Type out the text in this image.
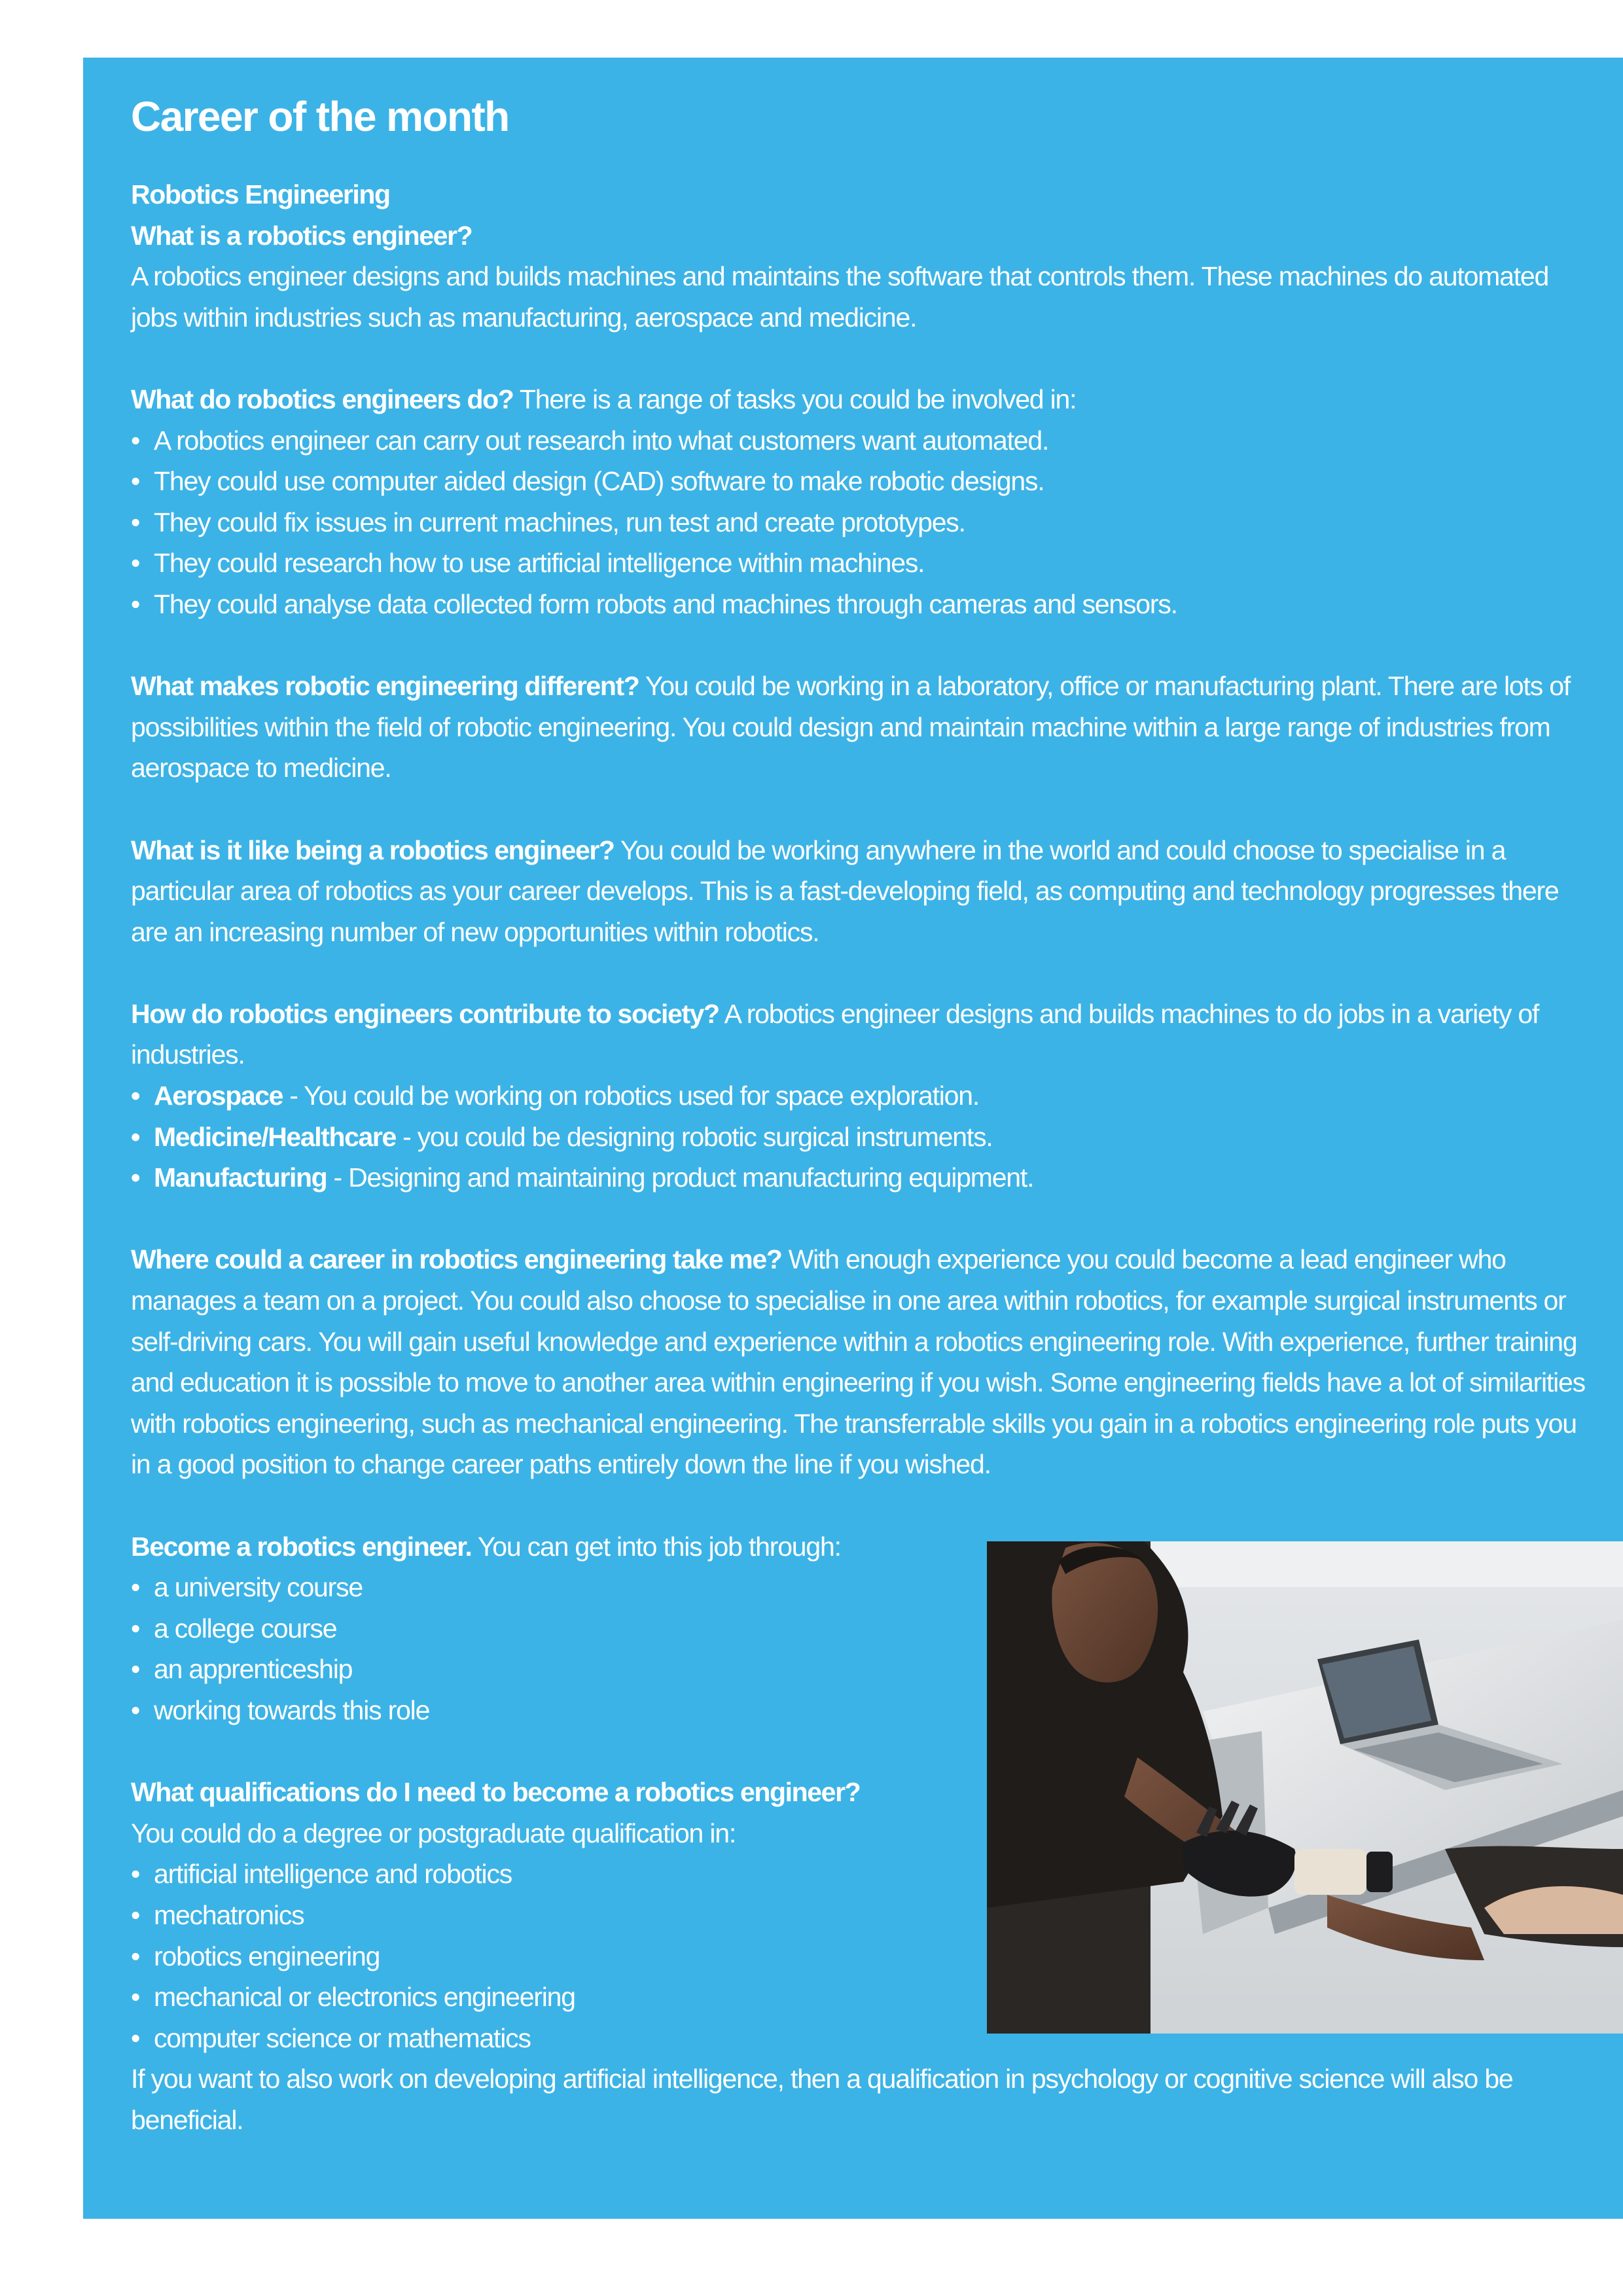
Career of the month

Robotics Engineering

What is a robotics engineer?

A robotics engineer designs and builds machines and maintains the software that controls them. These machines do automated jobs within industries such as manufacturing, aerospace and medicine.

What do robotics engineers do? There is a range of tasks you could be involved in:

• A robotics engineer can carry out research into what customers want automated.
• They could use computer aided design (CAD) software to make robotic designs.
• They could fix issues in current machines, run test and create prototypes.
• They could research how to use artificial intelligence within machines.
• They could analyse data collected form robots and machines through cameras and sensors.

What makes robotic engineering different? You could be working in a laboratory, office or manufacturing plant. There are lots of possibilities within the field of robotic engineering. You could design and maintain machine within a large range of industries from aerospace to medicine.

What is it like being a robotics engineer? You could be working anywhere in the world and could choose to specialise in a particular area of robotics as your career develops. This is a fast-developing field, as computing and technology progresses there are an increasing number of new opportunities within robotics.

How do robotics engineers contribute to society? A robotics engineer designs and builds machines to do jobs in a variety of industries.

• Aerospace - You could be working on robotics used for space exploration.
• Medicine/Healthcare - you could be designing robotic surgical instruments.
• Manufacturing - Designing and maintaining product manufacturing equipment.

Where could a career in robotics engineering take me? With enough experience you could become a lead engineer who manages a team on a project. You could also choose to specialise in one area within robotics, for example surgical instruments or self-driving cars. You will gain useful knowledge and experience within a robotics engineering role. With experience, further training and education it is possible to move to another area within engineering if you wish. Some engineering fields have a lot of similarities with robotics engineering, such as mechanical engineering. The transferrable skills you gain in a robotics engineering role puts you in a good position to change career paths entirely down the line if you wished.

Become a robotics engineer. You can get into this job through:

• a university course
• a college course
• an apprenticeship
• working towards this role

What qualifications do I need to become a robotics engineer?

You could do a degree or postgraduate qualification in:

• artificial intelligence and robotics
• mechatronics
• robotics engineering
• mechanical or electronics engineering
• computer science or mathematics

If you want to also work on developing artificial intelligence, then a qualification in psychology or cognitive science will also be beneficial.
